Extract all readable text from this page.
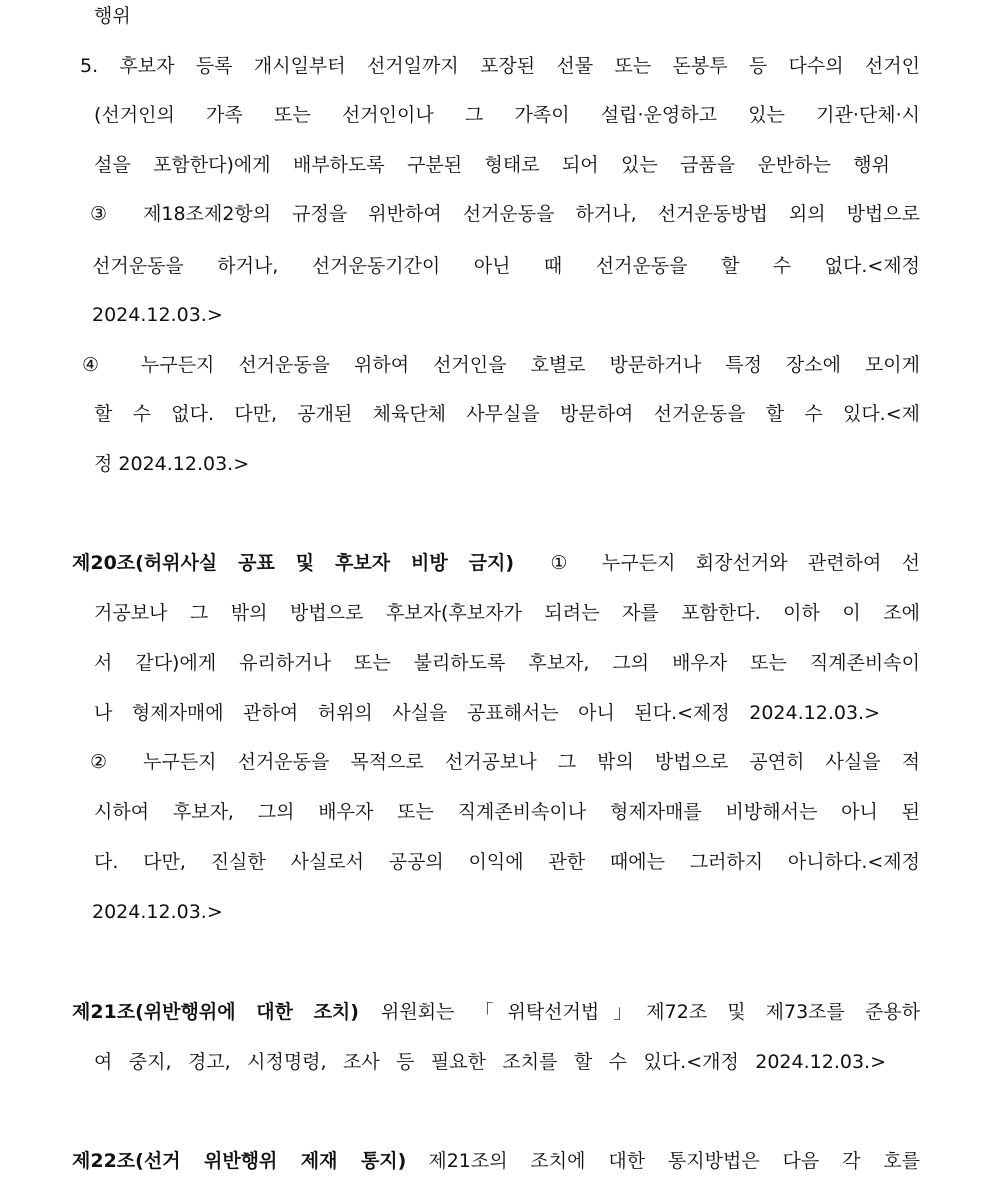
행위
5. 후보자 등록 개시일부터 선거일까지 포장된 선물 또는 돈봉투 등 다수의 선거인
(선거인의 가족 또는 선거인이나 그 가족이 설립·운영하고 있는 기관·단체·시
설을 포함한다)에게 배부하도록 구분된 형태로 되어 있는 금품을 운반하는 행위
③ 제18조제2항의 규정을 위반하여 선거운동을 하거나, 선거운동방법 외의 방법으로
선거운동을 하거나, 선거운동기간이 아닌 때 선거운동을 할 수 없다.<제정
2024.12.03.>
④ 누구든지 선거운동을 위하여 선거인을 호별로 방문하거나 특정 장소에 모이게
할 수 없다. 다만, 공개된 체육단체 사무실을 방문하여 선거운동을 할 수 있다.<제
정 2024.12.03.>
제20조(허위사실 공표 및 후보자 비방 금지) ① 누구든지 회장선거와 관련하여 선
거공보나 그 밖의 방법으로 후보자(후보자가 되려는 자를 포함한다. 이하 이 조에
서 같다)에게 유리하거나 또는 불리하도록 후보자, 그의 배우자 또는 직계존비속이
나 형제자매에 관하여 허위의 사실을 공표해서는 아니 된다.<제정 2024.12.03.>
② 누구든지 선거운동을 목적으로 선거공보나 그 밖의 방법으로 공연히 사실을 적
시하여 후보자, 그의 배우자 또는 직계존비속이나 형제자매를 비방해서는 아니 된
다. 다만, 진실한 사실로서 공공의 이익에 관한 때에는 그러하지 아니하다.<제정
2024.12.03.>
제21조(위반행위에 대한 조치) 위원회는 「위탁선거법」제72조 및 제73조를 준용하
여 중지, 경고, 시정명령, 조사 등 필요한 조치를 할 수 있다.<개정 2024.12.03.>
제22조(선거 위반행위 제재 통지) 제21조의 조치에 대한 통지방법은 다음 각 호를
